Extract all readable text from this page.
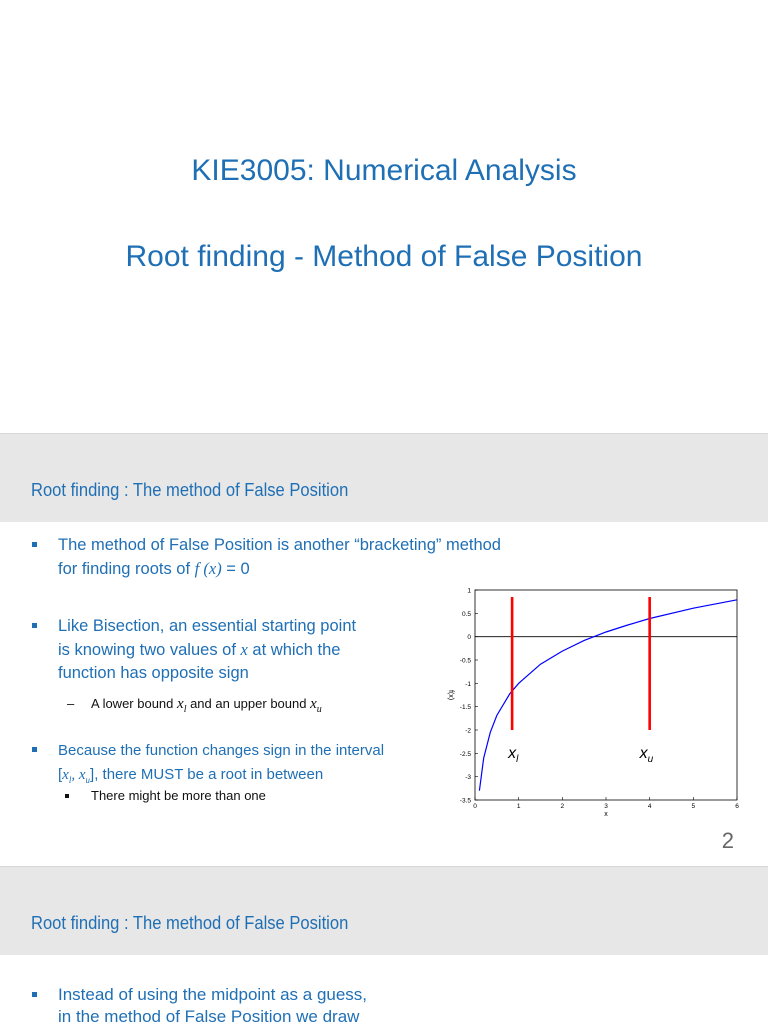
KIE3005: Numerical Analysis
Root finding - Method of False Position
Root finding : The method of False Position
The method of False Position is another “bracketing” method
for finding roots of f (x) = 0
Like Bisection, an essential starting point
is knowing two values of x at which the
function has opposite sign
– A lower bound $x_l$ and an upper bound $x_u$
Because the function changes sign in the interval
[$x_l$, $x_u$], there MUST be a root in between
There might be more than one
1
0.5
0
-0.5
-1
-1.5
-2
-2.5
-3
-3.5
0	1	2	3	4	5	6
x
f(x)
$x_l$	$x_u$
2
Root finding : The method of False Position
Instead of using the midpoint as a guess,
in the method of False Position we draw
